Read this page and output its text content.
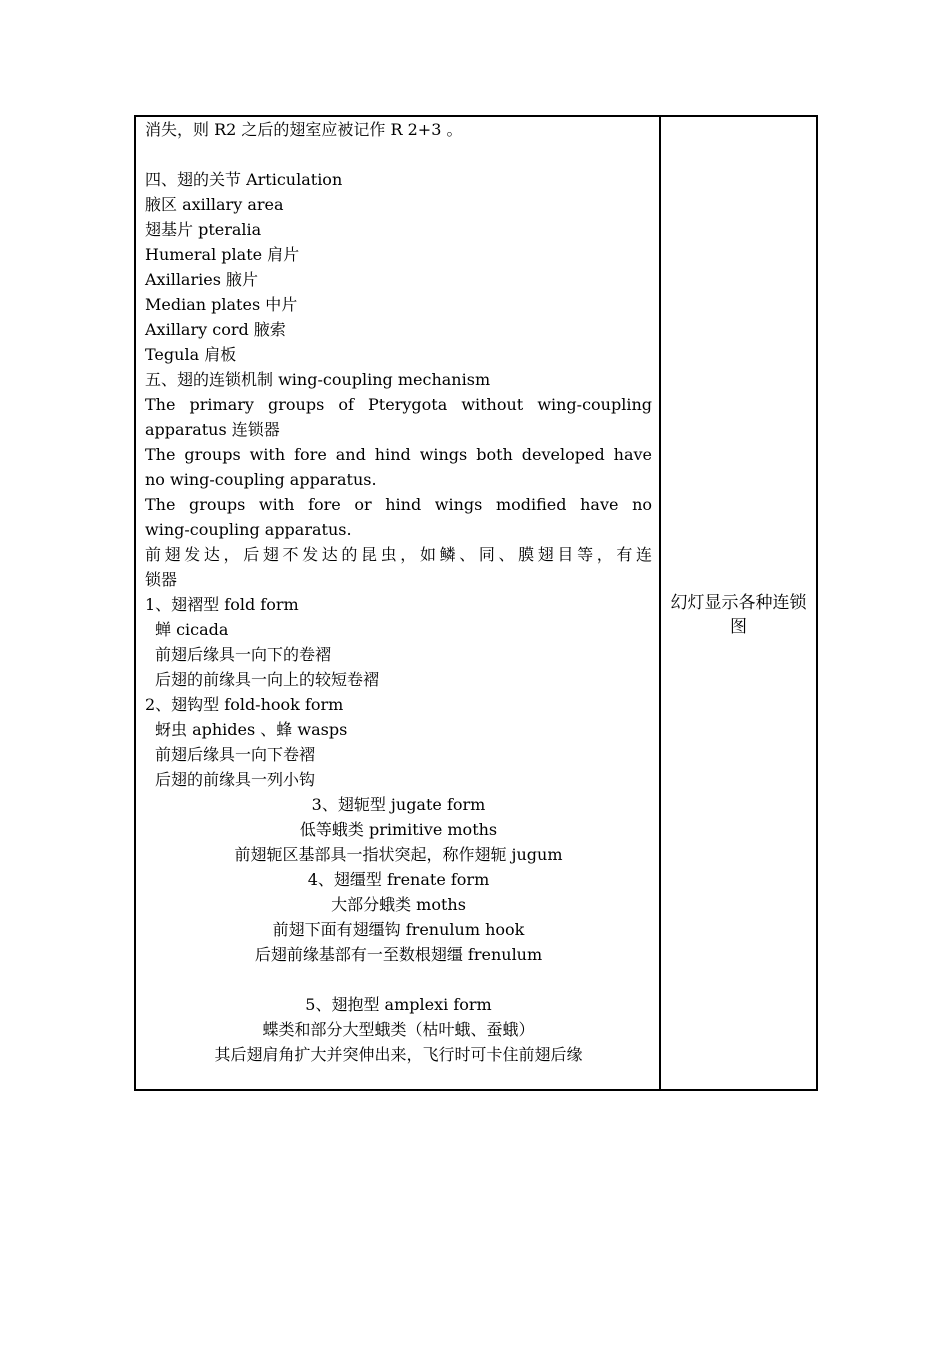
消失，则 R2 之后的翅室应被记作 R 2+3 。
四、翅的关节 Articulation
腋区 axillary area
翅基片 pteralia
Humeral plate 肩片
Axillaries 腋片
Median plates 中片
Axillary cord 腋索
Tegula 肩板
五、翅的连锁机制 wing-coupling mechanism
The primary groups of Pterygota without wing-coupling
apparatus 连锁器
The groups with fore and hind wings both developed have
no wing-coupling apparatus.
The groups with fore or hind wings modified have no
wing-coupling apparatus.
前翅发达，后翅不发达的昆虫，如鳞、同、膜翅目等，有连
锁器
1、翅褶型 fold form
蝉 cicada
前翅后缘具一向下的卷褶
后翅的前缘具一向上的较短卷褶
2、翅钩型 fold-hook form
蚜虫 aphides 、蜂 wasps
前翅后缘具一向下卷褶
后翅的前缘具一列小钩
3、翅轭型 jugate form
低等蛾类 primitive moths
前翅轭区基部具一指状突起，称作翅轭 jugum
4、翅缰型 frenate form
大部分蛾类 moths
前翅下面有翅缰钩 frenulum hook
后翅前缘基部有一至数根翅缰 frenulum
5、翅抱型 amplexi form
蝶类和部分大型蛾类（枯叶蛾、蚕蛾）
其后翅肩角扩大并突伸出来，飞行时可卡住前翅后缘
幻灯显示各种连锁图
